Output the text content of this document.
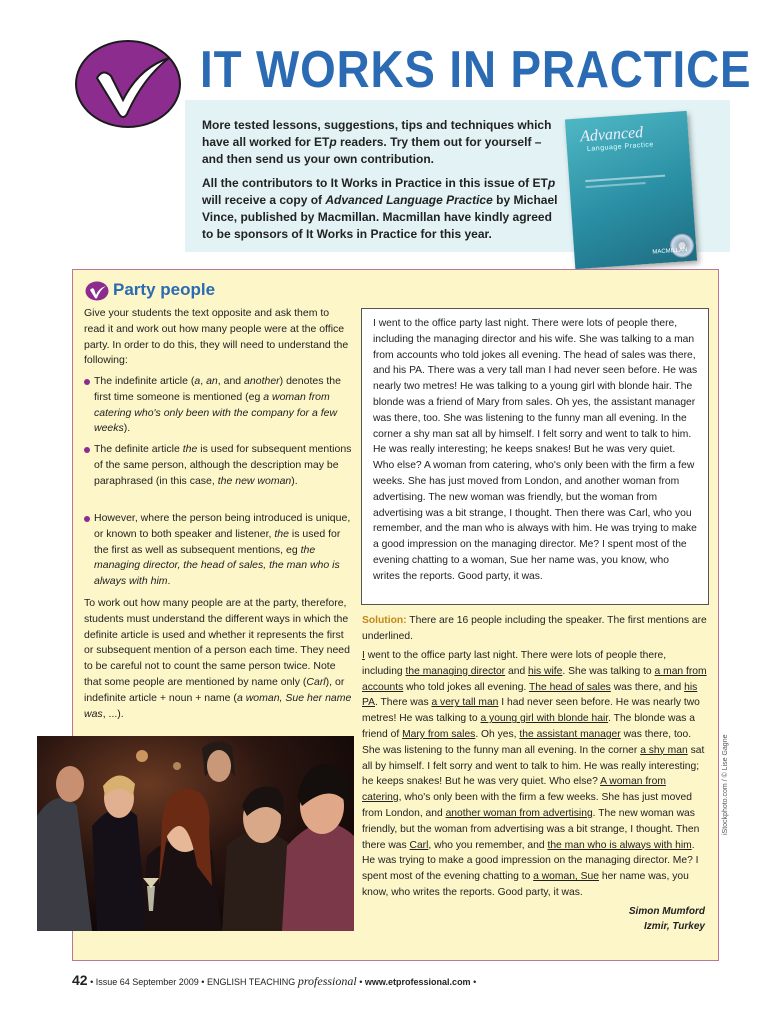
IT WORKS IN PRACTICE
More tested lessons, suggestions, tips and techniques which have all worked for ETp readers. Try them out for yourself – and then send us your own contribution.
All the contributors to It Works in Practice in this issue of ETp will receive a copy of Advanced Language Practice by Michael Vince, published by Macmillan. Macmillan have kindly agreed to be sponsors of It Works in Practice for this year.
Advanced
Language Practice
MACMILLAN
Party people
Give your students the text opposite and ask them to read it and work out how many people were at the office party. In order to do this, they will need to understand the following:
The indefinite article (a, an, and another) denotes the first time someone is mentioned (eg a woman from catering who's only been with the company for a few weeks).
The definite article the is used for subsequent mentions of the same person, although the description may be paraphrased (in this case, the new woman).
However, where the person being introduced is unique, or known to both speaker and listener, the is used for the first as well as subsequent mentions, eg the managing director, the head of sales, the man who is always with him.
To work out how many people are at the party, therefore, students must understand the different ways in which the definite article is used and whether it represents the first or subsequent mention of a person each time. They need to be careful not to count the same person twice. Note that some people are mentioned by name only (Carl), or indefinite article + noun + name (a woman, Sue her name was, ...).
I went to the office party last night. There were lots of people there, including the managing director and his wife. She was talking to a man from accounts who told jokes all evening. The head of sales was there, and his PA. There was a very tall man I had never seen before. He was nearly two metres! He was talking to a young girl with blonde hair. The blonde was a friend of Mary from sales. Oh yes, the assistant manager was there, too. She was listening to the funny man all evening. In the corner a shy man sat all by himself. I felt sorry and went to talk to him. He was really interesting; he keeps snakes! But he was very quiet. Who else? A woman from catering, who's only been with the firm a few weeks. She has just moved from London, and another woman from advertising. The new woman was friendly, but the woman from advertising was a bit strange, I thought. Then there was Carl, who you remember, and the man who is always with him. He was trying to make a good impression on the managing director. Me? I spent most of the evening chatting to a woman, Sue her name was, you know, who writes the reports. Good party, it was.
Solution: There are 16 people including the speaker. The first mentions are underlined.
I went to the office party last night. There were lots of people there, including the managing director and his wife. She was talking to a man from accounts who told jokes all evening. The head of sales was there, and his PA. There was a very tall man I had never seen before. He was nearly two metres! He was talking to a young girl with blonde hair. The blonde was a friend of Mary from sales. Oh yes, the assistant manager was there, too. She was listening to the funny man all evening. In the corner a shy man sat all by himself. I felt sorry and went to talk to him. He was really interesting; he keeps snakes! But he was very quiet. Who else? A woman from catering, who's only been with the firm a few weeks. She has just moved from London, and another woman from advertising. The new woman was friendly, but the woman from advertising was a bit strange, I thought. Then there was Carl, who you remember, and the man who is always with him. He was trying to make a good impression on the managing director. Me? I spent most of the evening chatting to a woman, Sue her name was, you know, who writes the reports. Good party, it was.
Simon Mumford
Izmir, Turkey
iStockphoto.com / © Lise Gagne
42 • Issue 64 September 2009 • ENGLISH TEACHING professional • www.etprofessional.com •
